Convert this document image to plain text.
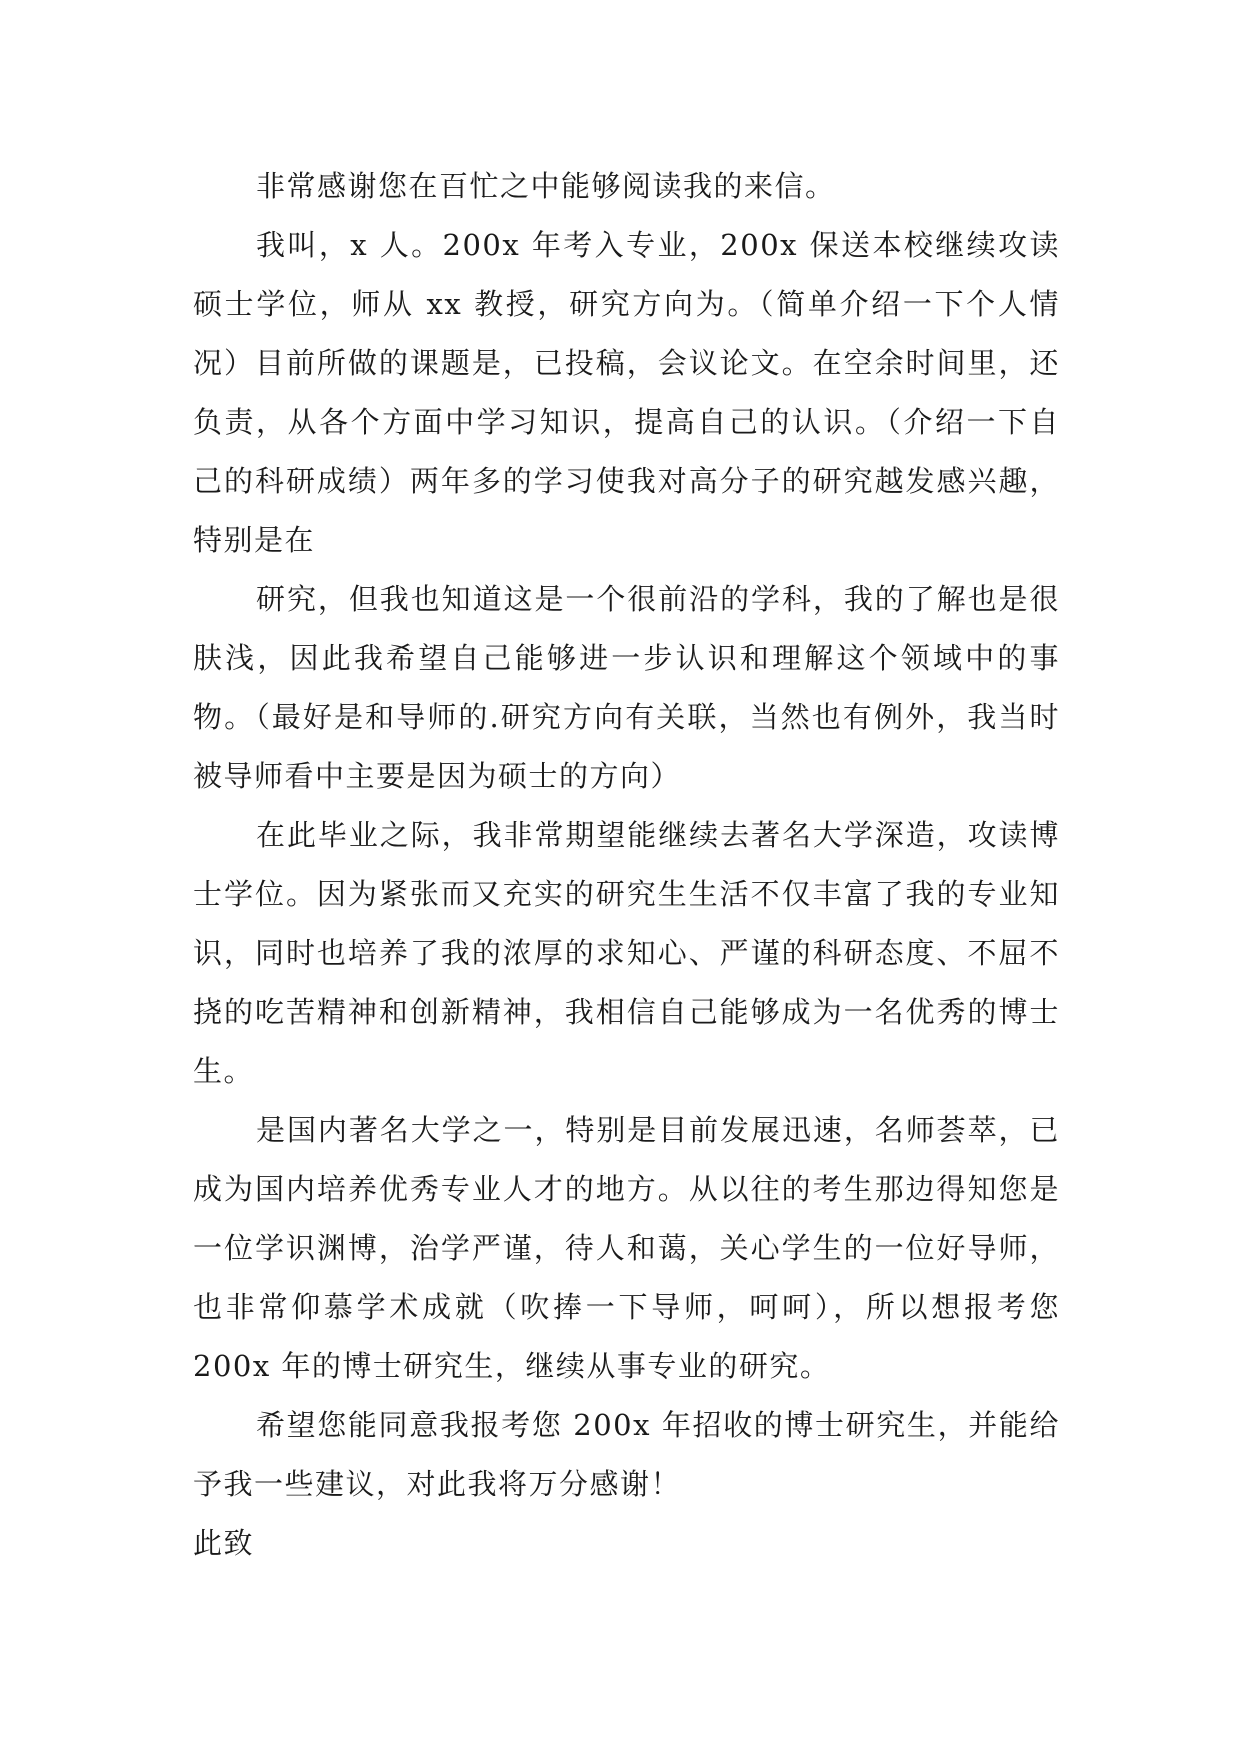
非常感谢您在百忙之中能够阅读我的来信。

我叫，x 人。200x 年考入专业，200x 保送本校继续攻读硕士学位，师从 xx 教授，研究方向为。（简单介绍一下个人情况）目前所做的课题是，已投稿，会议论文。在空余时间里，还负责，从各个方面中学习知识，提高自己的认识。（介绍一下自己的科研成绩）两年多的学习使我对高分子的研究越发感兴趣，特别是在

研究，但我也知道这是一个很前沿的学科，我的了解也是很肤浅，因此我希望自己能够进一步认识和理解这个领域中的事物。（最好是和导师的.研究方向有关联，当然也有例外，我当时被导师看中主要是因为硕士的方向）

在此毕业之际，我非常期望能继续去著名大学深造，攻读博士学位。因为紧张而又充实的研究生生活不仅丰富了我的专业知识，同时也培养了我的浓厚的求知心、严谨的科研态度、不屈不挠的吃苦精神和创新精神，我相信自己能够成为一名优秀的博士生。

是国内著名大学之一，特别是目前发展迅速，名师荟萃，已成为国内培养优秀专业人才的地方。从以往的考生那边得知您是一位学识渊博，治学严谨，待人和蔼，关心学生的一位好导师，也非常仰慕学术成就（吹捧一下导师，呵呵），所以想报考您 200x 年的博士研究生，继续从事专业的研究。

希望您能同意我报考您 200x 年招收的博士研究生，并能给予我一些建议，对此我将万分感谢！

此致
